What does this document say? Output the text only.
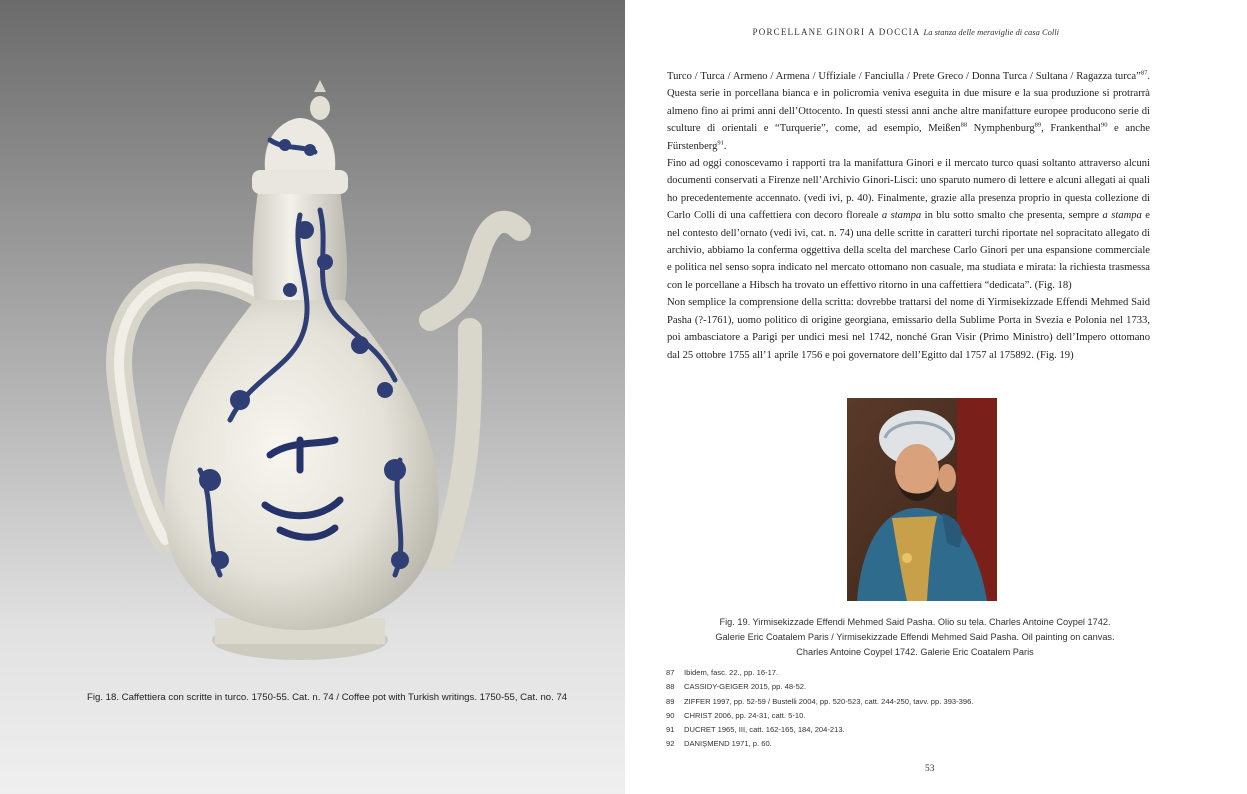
Fig. 18. Caffettiera con scritte in turco. 1750-55. Cat. n. 74 / Coffee pot with Turkish writings. 1750-55, Cat. no. 74
PORCELLANE GINORI A DOCCIA La stanza delle meraviglie di casa Colli

Turco / Turca / Armeno / Armena / Uffiziale / Fanciulla / Prete Greco / Donna Turca / Sultana / Ragazza turca”$^{87}$. Questa serie in porcellana bianca e in policromia veniva eseguita in due misure e la sua produzione si protrarrà almeno fino ai primi anni dell’Ottocento. In questi stessi anni anche altre manifatture europee producono serie di sculture di orientali e “Turquerie”, come, ad esempio, Meißen$^{88}$ Nymphenburg$^{89}$, Frankenthal$^{90}$ e anche Fürstenberg$^{91}$.

Fino ad oggi conoscevamo i rapporti tra la manifattura Ginori e il mercato turco quasi soltanto attraverso alcuni documenti conservati a Firenze nell’Archivio Ginori-Lisci: uno sparuto numero di lettere e alcuni allegati ai quali ho precedentemente accennato. (vedi ivi, p. 40). Finalmente, grazie alla presenza proprio in questa collezione di Carlo Colli di una caffettiera con decoro floreale a stampa in blu sotto smalto che presenta, sempre a stampa e nel contesto dell’ornato (vedi ivi, cat. n. 74) una delle scritte in caratteri turchi riportate nel sopracitato allegato di archivio, abbiamo la conferma oggettiva della scelta del marchese Carlo Ginori per una espansione commerciale e politica nel senso sopra indicato nel mercato ottomano non casuale, ma studiata e mirata: la richiesta trasmessa con le porcellane a Hibsch ha trovato un effettivo ritorno in una caffettiera “dedicata”. (Fig. 18)

Non semplice la comprensione della scritta: dovrebbe trattarsi del nome di Yirmisekizzade Effendi Mehmed Said Pasha (?-1761), uomo politico di origine georgiana, emissario della Sublime Porta in Svezia e Polonia nel 1733, poi ambasciatore a Parigi per undici mesi nel 1742, nonché Gran Visir (Primo Ministro) dell’Impero ottomano dal 25 ottobre 1755 all’1 aprile 1756 e poi governatore dell’Egitto dal 1757 al 175892. (Fig. 19)

Fig. 19. Yirmisekizzade Effendi Mehmed Said Pasha. Olio su tela. Charles Antoine Coypel 1742.
Galerie Eric Coatalem Paris / Yirmisekizzade Effendi Mehmed Said Pasha. Oil painting on canvas.
Charles Antoine Coypel 1742. Galerie Eric Coatalem Paris
87	Ibidem, fasc. 22., pp. 16-17.
88	CASSIDY-GEIGER 2015, pp. 48-52.
89	ZIFFER 1997, pp. 52-59 / Bustelli 2004, pp. 520-523, catt. 244-250, tavv. pp. 393-396.
90	CHRIST 2006, pp. 24-31, catt. 5-10.
91	DUCRET 1965, III, catt. 162-165, 184, 204-213.
92	DANIŞMEND 1971, p. 60.
53
